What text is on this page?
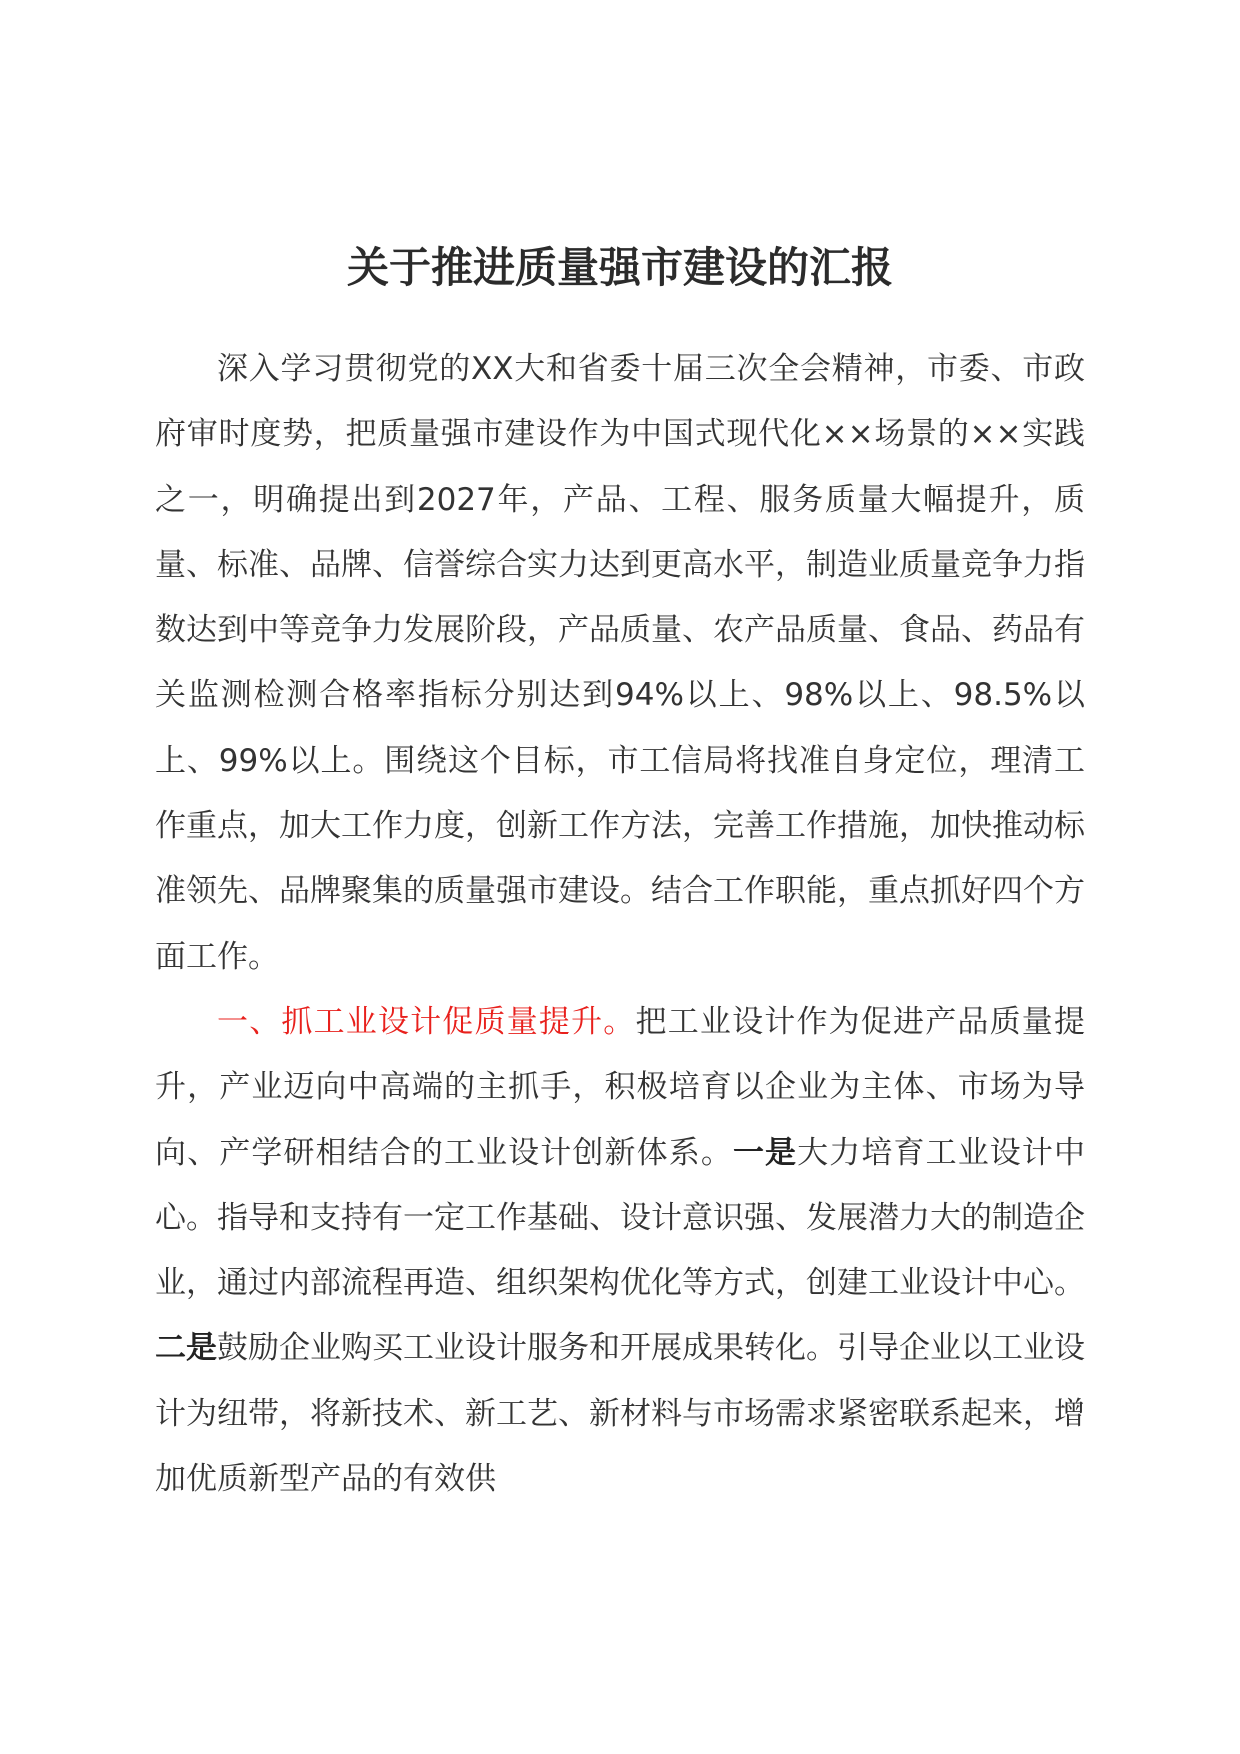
关于推进质量强市建设的汇报

深入学习贯彻党的XX大和省委十届三次全会精神，市委、市政府审时度势，把质量强市建设作为中国式现代化××场景的××实践之一，明确提出到2027年，产品、工程、服务质量大幅提升，质量、标准、品牌、信誉综合实力达到更高水平，制造业质量竞争力指数达到中等竞争力发展阶段，产品质量、农产品质量、食品、药品有关监测检测合格率指标分别达到94%以上、98%以上、98.5%以上、99%以上。围绕这个目标，市工信局将找准自身定位，理清工作重点，加大工作力度，创新工作方法，完善工作措施，加快推动标准领先、品牌聚集的质量强市建设。结合工作职能，重点抓好四个方面工作。

一、抓工业设计促质量提升。把工业设计作为促进产品质量提升，产业迈向中高端的主抓手，积极培育以企业为主体、市场为导向、产学研相结合的工业设计创新体系。一是大力培育工业设计中心。指导和支持有一定工作基础、设计意识强、发展潜力大的制造企业，通过内部流程再造、组织架构优化等方式，创建工业设计中心。二是鼓励企业购买工业设计服务和开展成果转化。引导企业以工业设计为纽带，将新技术、新工艺、新材料与市场需求紧密联系起来，增加优质新型产品的有效供
